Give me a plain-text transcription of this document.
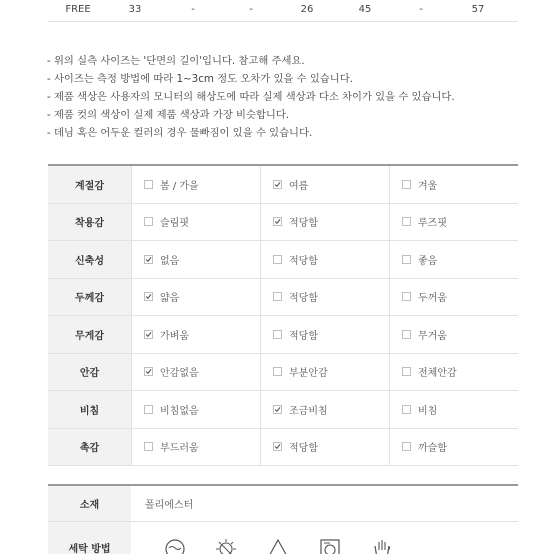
FREE	33	-	-	26	45	-	57
- 위의 실측 사이즈는 '단면의 길이'입니다. 참고해 주세요.
- 사이즈는 측정 방법에 따라 1~3cm 정도 오차가 있을 수 있습니다.
- 제품 색상은 사용자의 모니터의 해상도에 따라 실제 색상과 다소 차이가 있을 수 있습니다.
- 제품 컷의 색상이 실제 제품 색상과 가장 비슷합니다.
- 데님 혹은 어두운 컬러의 경우 물빠짐이 있을 수 있습니다.
계절감	봄 / 가을	여름	겨울
착용감	슬림핏	적당함	루즈핏
신축성	없음	적당함	좋음
두께감	얇음	적당함	두꺼움
무게감	가벼움	적당함	무거움
안감	안감없음	부분안감	전체안감
비침	비침없음	조금비침	비침
촉감	부드러움	적당함	까슬함
소재	폴리에스터
세탁 방법
